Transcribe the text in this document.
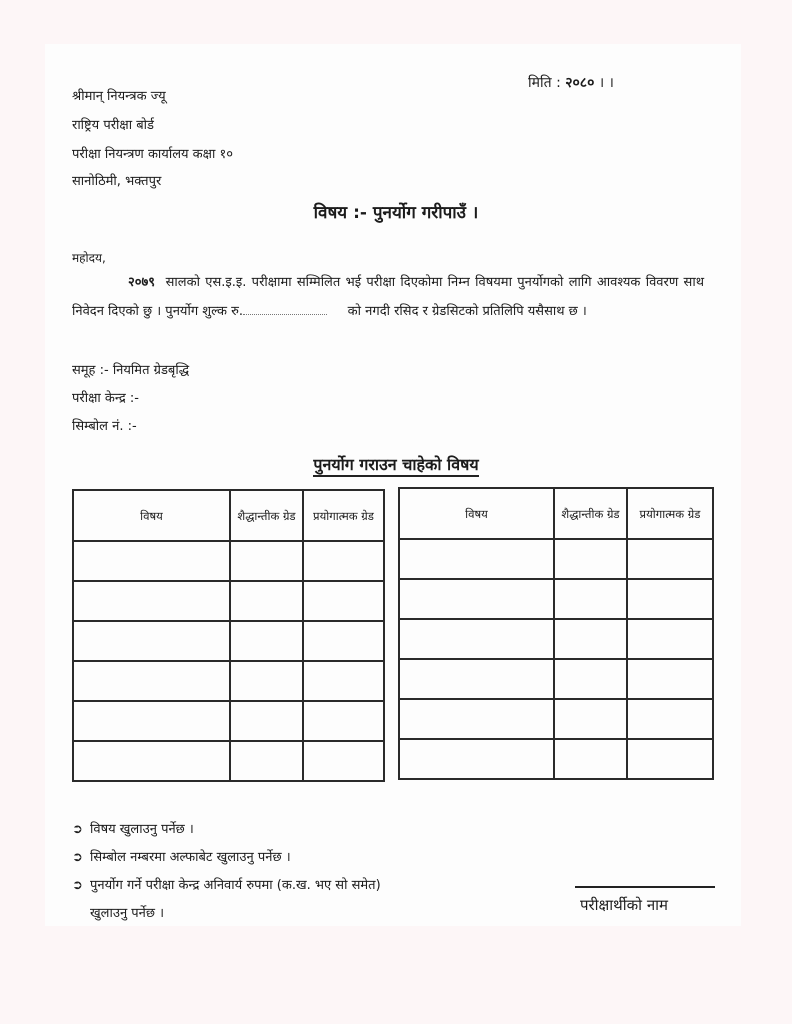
मिति : २०८० । ।
श्रीमान् नियन्त्रक ज्यू
राष्ट्रिय परीक्षा बोर्ड
परीक्षा नियन्त्रण कार्यालय कक्षा १०
सानोठिमी, भक्तपुर
विषय :- पुनर्योग गरीपाउँ ।
महोदय,
२०७९ सालको एस.इ.इ. परीक्षामा सम्मिलित भई परीक्षा दिएकोमा निम्न विषयमा पुनर्योगको लागि आवश्यक विवरण साथ निवेदन दिएको छु । पुनर्योग शुल्क रु.	को नगदी रसिद र ग्रेडसिटको प्रतिलिपि यसैसाथ छ ।
समूह :- नियमित ग्रेडबृद्धि
परीक्षा केन्द्र :-
सिम्बोल नं. :-
पुनर्योग गराउन चाहेको विषय
विषय	शैद्धान्तीक ग्रेड	प्रयोगात्मक ग्रेड

			विषय	शैद्धान्तीक ग्रेड	प्रयोगात्मक ग्रेड

➲ विषय खुलाउनु पर्नेछ ।
➲ सिम्बोल नम्बरमा अल्फाबेट खुलाउनु पर्नेछ ।
➲ पुनर्योग गर्ने परीक्षा केन्द्र अनिवार्य रुपमा (क.ख. भए सो समेत)
खुलाउनु पर्नेछ ।	परीक्षार्थीको नाम
